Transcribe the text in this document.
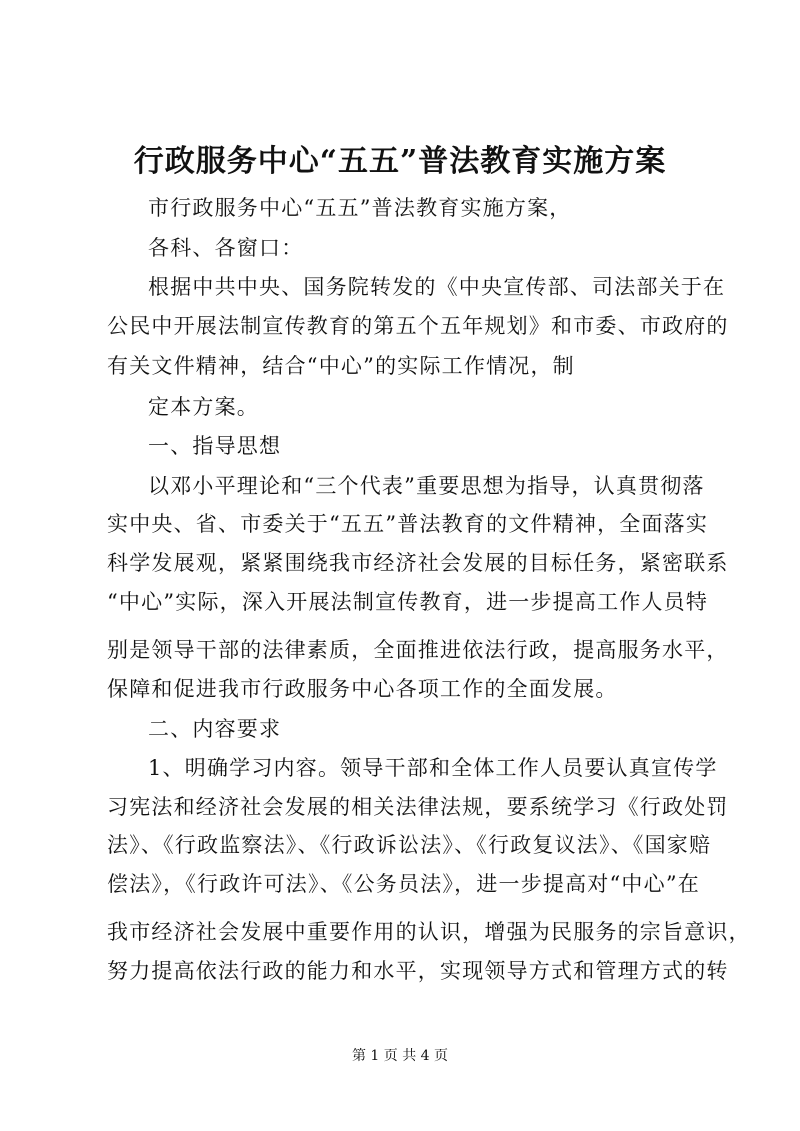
行政服务中心“五五”普法教育实施方案
市行政服务中心“五五”普法教育实施方案，
各科、各窗口：
根据中共中央、国务院转发的《中央宣传部、司法部关于在
公民中开展法制宣传教育的第五个五年规划》和市委、市政府的
有关文件精神，结合“中心”的实际工作情况，制
定本方案。
一、指导思想
以邓小平理论和“三个代表”重要思想为指导，认真贯彻落
实中央、省、市委关于“五五”普法教育的文件精神，全面落实
科学发展观，紧紧围绕我市经济社会发展的目标任务，紧密联系
“中心”实际，深入开展法制宣传教育，进一步提高工作人员特
别是领导干部的法律素质，全面推进依法行政，提高服务水平，
保障和促进我市行政服务中心各项工作的全面发展。
二、内容要求
1、明确学习内容。领导干部和全体工作人员要认真宣传学
习宪法和经济社会发展的相关法律法规，要系统学习《行政处罚
法》、《行政监察法》、《行政诉讼法》、《行政复议法》、《国家赔
偿法》，《行政许可法》、《公务员法》，进一步提高对“中心”在
我市经济社会发展中重要作用的认识，增强为民服务的宗旨意识，
努力提高依法行政的能力和水平，实现领导方式和管理方式的转
第 1 页 共 4 页
